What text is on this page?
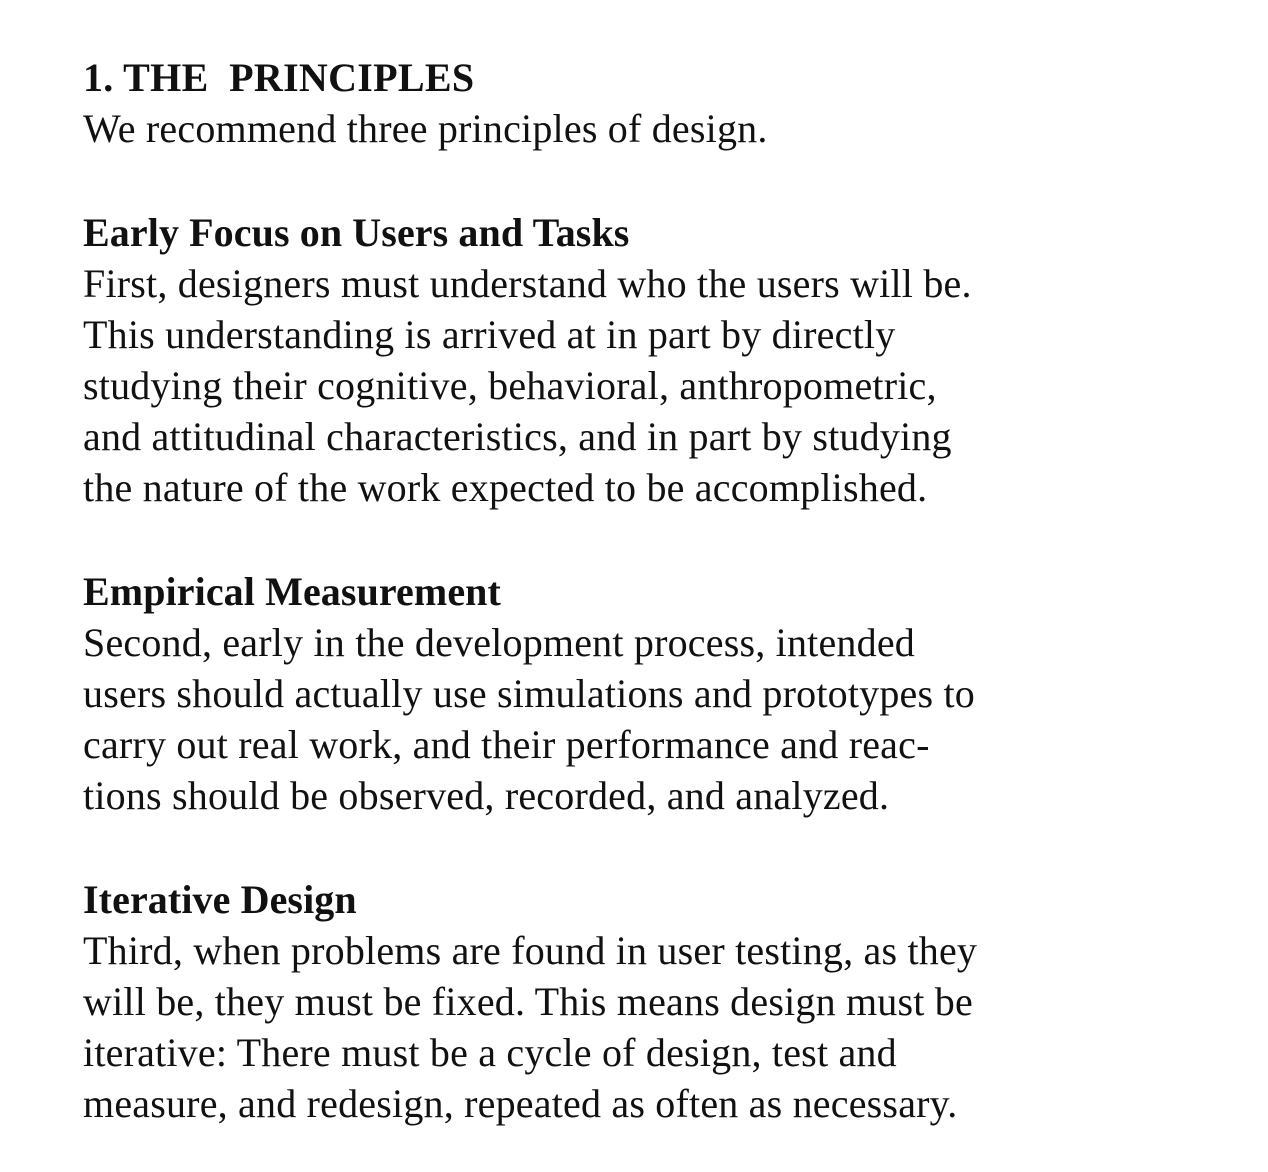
1. THE  PRINCIPLES
We recommend three principles of design.
Early Focus on Users and Tasks
First, designers must understand who the users will be.
This understanding is arrived at in part by directly
studying their cognitive, behavioral, anthropometric,
and attitudinal characteristics, and in part by studying
the nature of the work expected to be accomplished.
Empirical Measurement
Second, early in the development process, intended
users should actually use simulations and prototypes to
carry out real work, and their performance and reac-
tions should be observed, recorded, and analyzed.
Iterative Design
Third, when problems are found in user testing, as they
will be, they must be fixed. This means design must be
iterative: There must be a cycle of design, test and
measure, and redesign, repeated as often as necessary.
